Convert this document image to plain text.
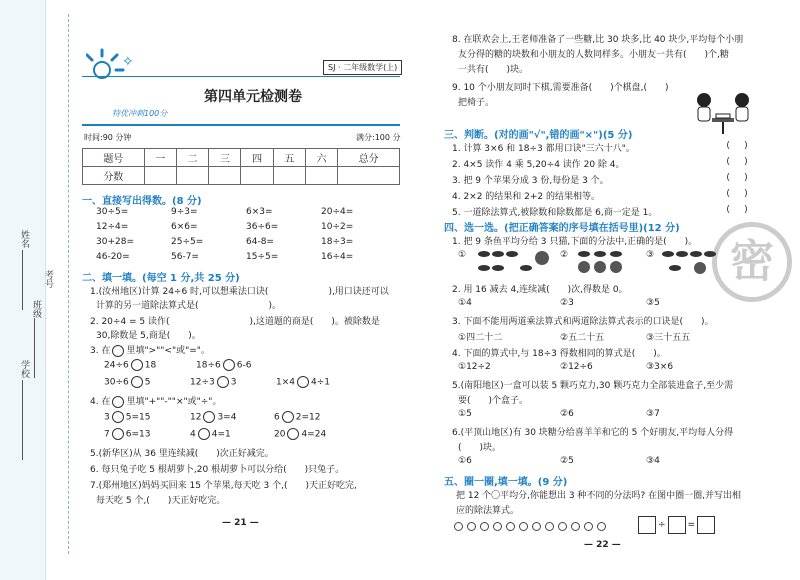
学校
班级
考号
姓名
✧	SJ · 二年级数学(上)
第四单元检测卷
特优冲刺100分
时间:90 分钟	满分:100 分
题号	一	二	三	四	五	六	总分
分数							
一、直接写出得数。(8 分)
30÷5=	9÷3=	6×3=	20÷4=
12÷4=	6×6=	36÷6=	10÷2=
30+28=	25÷5=	64-8=	18÷3=
46-20=	56-7=	15÷5=	16÷4=
二、填一填。(每空 1 分,共 25 分)
1.(汝州地区)计算 24÷6 时,可以想乘法口诀(	),用口诀还可以
计算的另一道除法算式是(	)。
2. 20÷4 = 5 读作(	),这道题的商是( )。被除数是
30,除数是 5,商是( )。
3. 在 里填">""<"或"="。
24÷6 18	18÷6 6-6
30÷6 5	12÷3 3	1×4 4÷1
4. 在 里填"+""-""×"或"÷"。
3 5=15	12 3=4	6 2=12
7 6=13	4 4=1	20 4=24
5.(新华区)从 36 里连续减( )次正好减完。
6. 每只兔子吃 5 根胡萝卜,20 根胡萝卜可以分给( )只兔子。
7.(郑州地区)妈妈买回来 15 个苹果,每天吃 3 个,( )天正好吃完,
每天吃 5 个,( )天正好吃完。
— 21 —
8. 在联欢会上,王老师准备了一些糖,比 30 块多,比 40 块少,平均每个小朋
友分得的糖的块数和小朋友的人数同样多。小朋友一共有( )个,糖
一共有( )块。
9. 10 个小朋友同时下棋,需要准备( )个棋盘,( )
把椅子。
三、判断。(对的画"√",错的画"×")(5 分)
1. 计算 3×6 和 18÷3 都用口诀"三六十八"。
2. 4×5 读作 4 乘 5,20÷4 读作 20 除 4。
3. 把 9 个苹果分成 3 份,每份是 3 个。
4. 2×2 的结果和 2+2 的结果相等。
5. 一道除法算式,被除数和除数都是 6,商一定是 1。
(     )
(     )
(     )
(     )
(     )
密
四、选一选。(把正确答案的序号填在括号里)(12 分)
1. 把 9 条鱼平均分给 3 只猫,下面的分法中,正确的是( )。
①	②	③
2. 用 16 减去 4,连续减( )次,得数是 0。
①4	②3	③5
3. 下面不能用两道乘法算式和两道除法算式表示的口诀是( )。
①四二十二	②五二十五	③三十五五
4. 下面的算式中,与 18÷3 得数相同的算式是( )。
①12÷2	②12÷6	③3×6
5.(南阳地区)一盒可以装 5 颗巧克力,30 颗巧克力全部装进盒子,至少需
要( )个盒子。
①5	②6	③7
6.(平顶山地区)有 30 块糖分给喜羊羊和它的 5 个好朋友,平均每人分得
( )块。
①6	②5	③4
五、圈一圈,填一填。(9 分)
把 12 个〇平均分,你能想出 3 种不同的分法吗? 在图中圈一圈,并写出相
应的除法算式。
÷ =
— 22 —
